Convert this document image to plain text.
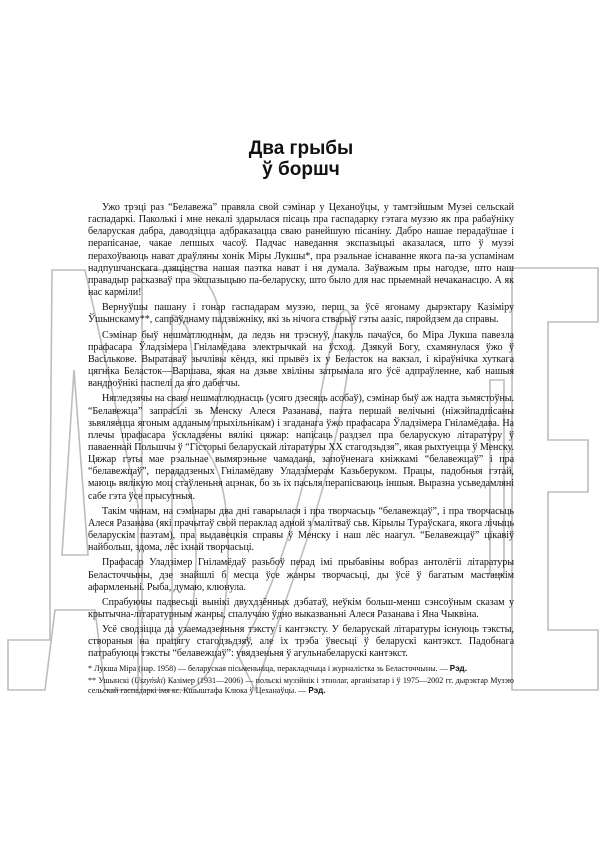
Два грыбы
ў боршч

Ужо трэці раз “Белавежа” правяла свой сэмінар у Цеханоўцы, у тамтэйшым Музеі сельскай гаспадаркі. Паколькі і мне некалі здарылася пісаць пра гаспадарку гэтага музэю як пра рабаўніку беларуская дабра, даводзіцца адбраказацца сваю ранейшую пісаніну. Дабро нашае перадаўшае і перапісанае, чакае лепшых часоў. Падчас наведання экспазыцыі аказалася, што ў музэі перахоўваюць нават драўляны хонік Міры Лукшы*, пра рэальнае існаванне якога па-за успамінам надпушчанскага дзяцінства нашая паэтка нават і ня думала. Заўважым пры нагодзе, што наш правадыр расказваў пра экспазыцыю па-беларуску, што было для нас прыемнай нечаканасцю. А як нас карміли!

Вернуўшы пашану і гонар гаспадарам музэю, перш за ўсё ягонаму дырэктару Казіміру Ўшынскаму**, сапраўднаму падзвіжніку, які зь нічога стварыў гэты аазіс, пяройдзем да справы.

Сэмінар быў нешматлюдным, да ледзь ня трэснуў, пакуль пачаўся, бо Міра Лукша павезла прафасара Ўладзімера Гніламёдава электрычкай на ўсход. Дзякуй Богу, схамянулася ўжо ў Васількове. Выратаваў зычлівы кёндз, які прывёз іх у Беласток на вакзал, і кіраўнічка хуткага цягніка Беласток—Варшава, якая на дзьве хвіліны затрымала яго ўсё адпраўленне, каб нашыя вандроўнікі паспелі да яго дабегчы.

Нягледзячы на сваю нешматлюднасць (усяго дзесяць асобаў), сэмінар быў аж надта зьмястоўны. “Белавежца” запрасілі зь Менску Алеся Разанава, паэта першай велічыні (ніжэйпадпісаны зьвяляецца ягоным адданым прыхільнікам) і згаданага ўжо прафасара Ўладзімера Гніламёдава. На плечы прафасара ўскладзены вялікі цяжар: напісаць раздзел пра беларускую літаратуру ў паваеннай Польшчы ў “Гісторыі беларускай літаратуры ХХ стагодзьдзя”, якая рыхтуецца ў Менску. Цяжар гэты мае рэальнае вымярэньне чамадана, запоўненага кніжкамі “белавежцаў” і пра “белавежцаў”, перададзеных Гніламёдаву Уладзімерам Казьберуком. Працы, падобныя гэтай, маюць вялікую моц стаўленьня ацэнак, бо зь іх пасьля перапісваюць іншыя. Выразна усьведамляні сабе гэта ўсе прысутныя.

Такім чынам, на сэмінары два дні гаварылася і пра творчасьць “белавежцаў”, і пра творчасьць Алеся Разанава (які прачытаў свой пераклад адной з малітваў сьв. Кірылы Тураўскага, якога лічыць беларускім паэтам), пра выдавецкія справы ў Менску і наш лёс наагул. “Белавежцаў” цікавіў найбольш, здома, лёс іхнай творчасьці.

Прафасар Уладзімер Гніламёдаў разьбоў перад імі прыбавіны вобраз антолёгіі літаратуры Беласточчыны, дзе знайшлі б месца ўсе жанры творчасьці, ды ўсё ў багатым мастацкім афармленьні. Рыба, думаю, клюнула.

Спрабуючы падвесьці вынікі двухдзённых дэбатаў, неўкім больш-менш сэнсоўным сказам у крытычна-літаратурным жанры, спалучаю ўдно выказваньні Алеся Разанава і Яна Чыквіна.

Усё сводзіцца да узаемадзеяньня тэксту і кантэксту. У беларускай літаратуры існуюць тэксты, створаныя на працягу стагодзьдзяў, але іх трэба ўвесьці ў беларускі кантэкст. Падобнага патрабуюць тэксты “белавежцаў”: увядзеньня ў агульнабеларускі кантэкст.

* Лукша Міра (нар. 1958) — беларуская пісьменьніца, перакладчыца і журналістка зь Беласточчыны. — Рэд.

** Ушынскі (Uszyński) Казімер (1931—2006) — польскі музэйнік і этнолаг, арганізатар і ў 1975—2002 гг. дырэктар Музэю сельскай гаспадаркі імя кс. Кшыштафа Клюка ў Цеханаўцы. — Рэд.
